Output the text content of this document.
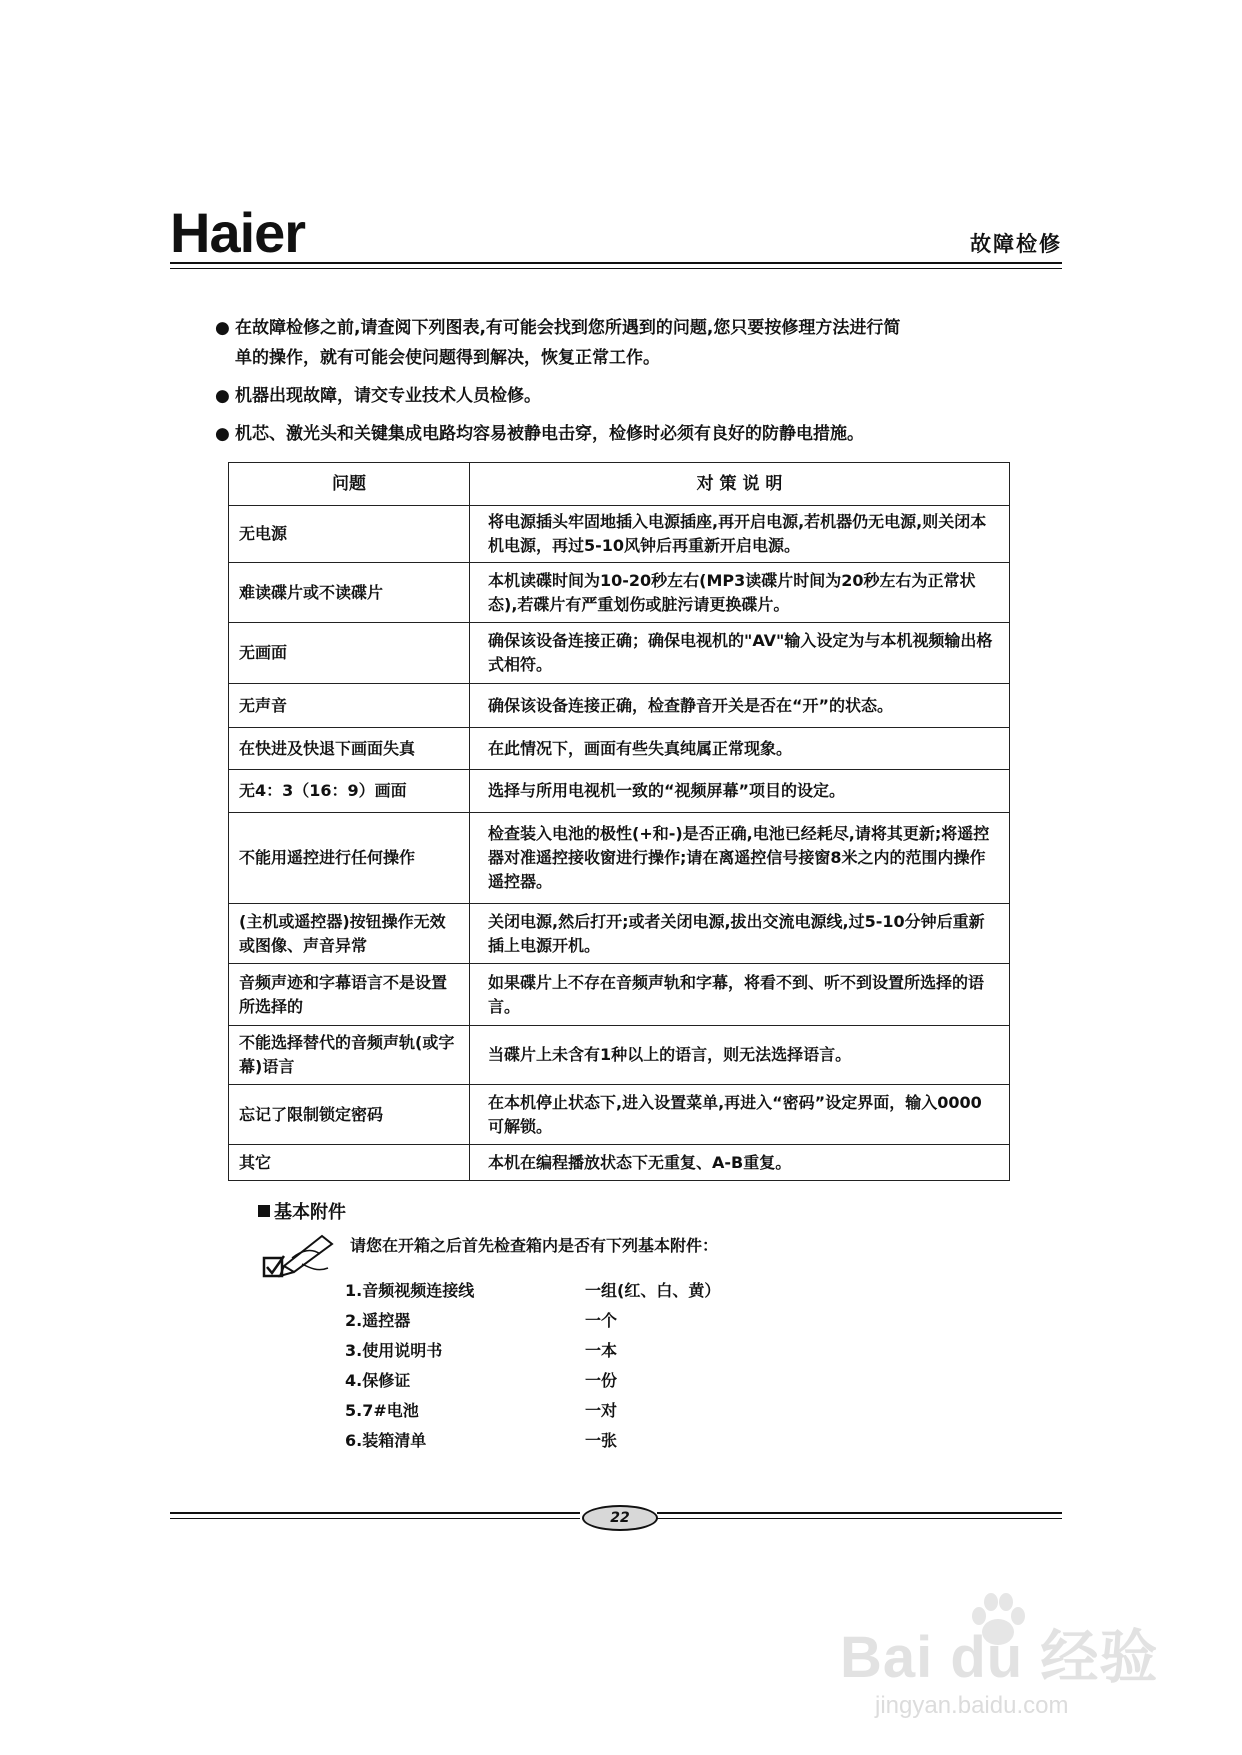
Haier	故障检修
● 在故障检修之前,请查阅下列图表,有可能会找到您所遇到的问题,您只要按修理方法进行简
单的操作，就有可能会使问题得到解决，恢复正常工作。
● 机器出现故障，请交专业技术人员检修。
● 机芯、激光头和关键集成电路均容易被静电击穿，检修时必须有良好的防静电措施。
问题	对 策 说 明
无电源	将电源插头牢固地插入电源插座,再开启电源,若机器仍无电源,则关闭本机电源，再过5-10风钟后再重新开启电源。
难读碟片或不读碟片	本机读碟时间为10-20秒左右(MP3读碟片时间为20秒左右为正常状态),若碟片有严重划伤或脏污请更换碟片。
无画面	确保该设备连接正确；确保电视机的"AV"输入设定为与本机视频输出格式相符。
无声音	确保该设备连接正确，检查静音开关是否在“开”的状态。
在快进及快退下画面失真	在此情况下，画面有些失真纯属正常现象。
无4：3（16：9）画面	选择与所用电视机一致的“视频屏幕”项目的设定。
不能用遥控进行任何操作	检查装入电池的极性(+和-)是否正确,电池已经耗尽,请将其更新;将遥控器对准遥控接收窗进行操作;请在离遥控信号接窗8米之内的范围内操作遥控器。
(主机或遥控器)按钮操作无效或图像、声音异常	关闭电源,然后打开;或者关闭电源,拔出交流电源线,过5-10分钟后重新插上电源开机。
音频声迹和字幕语言不是设置所选择的	如果碟片上不存在音频声轨和字幕，将看不到、听不到设置所选择的语言。
不能选择替代的音频声轨(或字幕)语言	当碟片上未含有1种以上的语言，则无法选择语言。
忘记了限制锁定密码	在本机停止状态下,进入设置菜单,再进入“密码”设定界面，输入0000可解锁。
其它	本机在编程播放状态下无重复、A-B重复。
基本附件
请您在开箱之后首先检查箱内是否有下列基本附件：
1.音频视频连接线	一组(红、白、黄）
2.遥控器	一个
3.使用说明书	一本
4.保修证	一份
5.7#电池	一对
6.装箱清单	一张
22
Bai du 经验
jingyan.baidu.com
